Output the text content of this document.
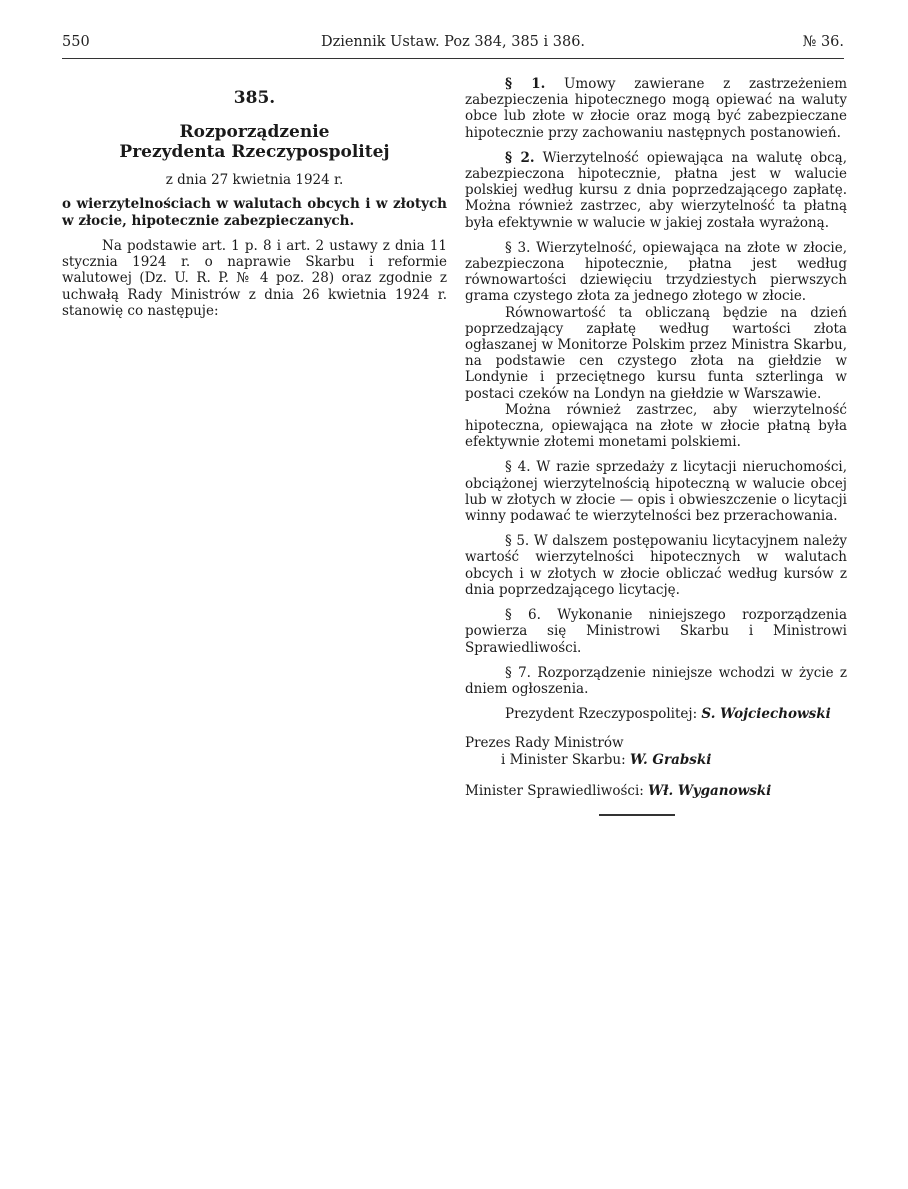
550	Dziennik Ustaw. Poz 384, 385 i 386.	№ 36.

385.

Rozporządzenie

Prezydenta Rzeczypospolitej

z dnia 27 kwietnia 1924 r.

o wierzytelnościach w walutach obcych i w złotych w złocie, hipotecznie zabezpieczanych.

Na podstawie art. 1 p. 8 i art. 2 ustawy z dnia 11 stycznia 1924 r. o naprawie Skarbu i reformie walutowej (Dz. U. R. P. № 4 poz. 28) oraz zgodnie z uchwałą Rady Ministrów z dnia 26 kwietnia 1924 r. stanowię co następuje:

§ 1. Umowy zawierane z zastrzeżeniem zabezpieczenia hipotecznego mogą opiewać na waluty obce lub złote w złocie oraz mogą być zabezpieczane hipotecznie przy zachowaniu następnych postanowień.

§ 2. Wierzytelność opiewająca na walutę obcą, zabezpieczona hipotecznie, płatna jest w walucie polskiej według kursu z dnia poprzedzającego zapłatę. Można również zastrzec, aby wierzytelność ta płatną była efektywnie w walucie w jakiej została wyrażoną.

§ 3. Wierzytelność, opiewająca na złote w złocie, zabezpieczona hipotecznie, płatna jest według równowartości dziewięciu trzydziestych pierwszych grama czystego złota za jednego złotego w złocie.

Równowartość ta obliczaną będzie na dzień poprzedzający zapłatę według wartości złota ogłaszanej w Monitorze Polskim przez Ministra Skarbu, na podstawie cen czystego złota na giełdzie w Londynie i przeciętnego kursu funta szterlinga w postaci czeków na Londyn na giełdzie w Warszawie.

Można również zastrzec, aby wierzytelność hipoteczna, opiewająca na złote w złocie płatną była efektywnie złotemi monetami polskiemi.

§ 4. W razie sprzedaży z licytacji nieruchomości, obciążonej wierzytelnością hipoteczną w walucie obcej lub w złotych w złocie — opis i obwieszczenie o licytacji winny podawać te wierzytelności bez przerachowania.

§ 5. W dalszem postępowaniu licytacyjnem należy wartość wierzytelności hipotecznych w walutach obcych i w złotych w złocie obliczać według kursów z dnia poprzedzającego licytację.

§ 6. Wykonanie niniejszego rozporządzenia powierza się Ministrowi Skarbu i Ministrowi Sprawiedliwości.

§ 7. Rozporządzenie niniejsze wchodzi w życie z dniem ogłoszenia.

Prezydent Rzeczypospolitej: S. Wojciechowski

Prezes Rady Ministrów

i Minister Skarbu: W. Grabski

Minister Sprawiedliwości: Wł. Wyganowski
